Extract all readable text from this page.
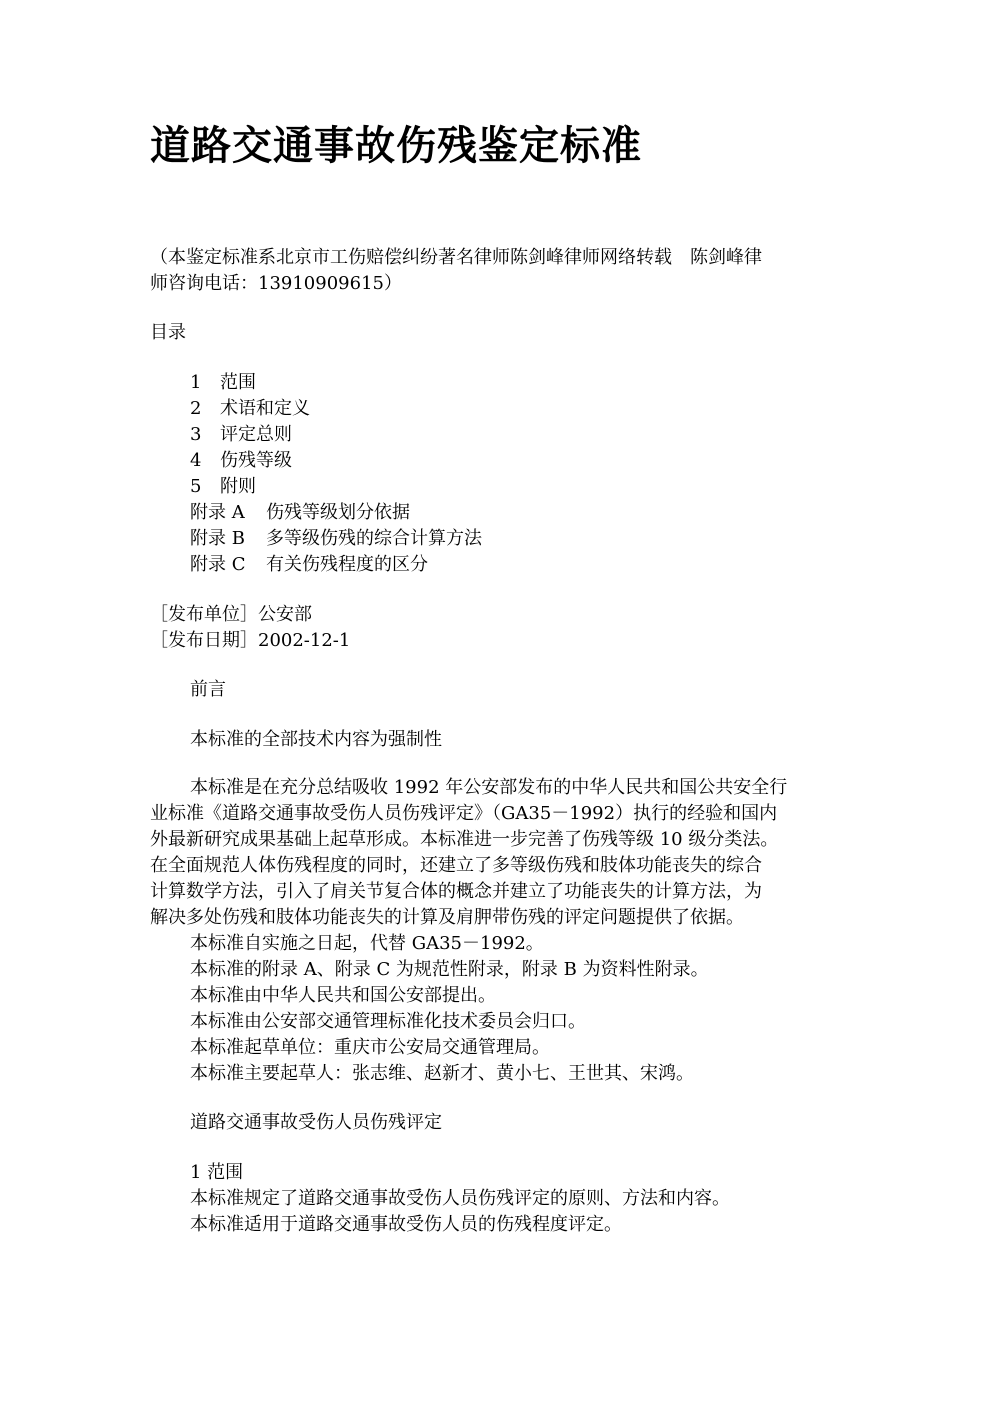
道路交通事故伤残鉴定标准
（本鉴定标准系北京市工伤赔偿纠纷著名律师陈剑峰律师网络转载　陈剑峰律
师咨询电话：13910909615）
目录
1 范围
2 术语和定义
3 评定总则
4 伤残等级
5 附则
附录 A 伤残等级划分依据
附录 B 多等级伤残的综合计算方法
附录 C 有关伤残程度的区分
［发布单位］公安部
［发布日期］2002-12-1
前言
本标准的全部技术内容为强制性
本标准是在充分总结吸收 1992 年公安部发布的中华人民共和国公共安全行
业标准《道路交通事故受伤人员伤残评定》（GA35－1992）执行的经验和国内
外最新研究成果基础上起草形成。本标准进一步完善了伤残等级 10 级分类法。
在全面规范人体伤残程度的同时，还建立了多等级伤残和肢体功能丧失的综合
计算数学方法，引入了肩关节复合体的概念并建立了功能丧失的计算方法，为
解决多处伤残和肢体功能丧失的计算及肩胛带伤残的评定问题提供了依据。
本标准自实施之日起，代替 GA35－1992。
本标准的附录 A、附录 C 为规范性附录，附录 B 为资料性附录。
本标准由中华人民共和国公安部提出。
本标准由公安部交通管理标准化技术委员会归口。
本标准起草单位：重庆市公安局交通管理局。
本标准主要起草人：张志维、赵新才、黄小七、王世其、宋鸿。
道路交通事故受伤人员伤残评定
1 范围
本标准规定了道路交通事故受伤人员伤残评定的原则、方法和内容。
本标准适用于道路交通事故受伤人员的伤残程度评定。
